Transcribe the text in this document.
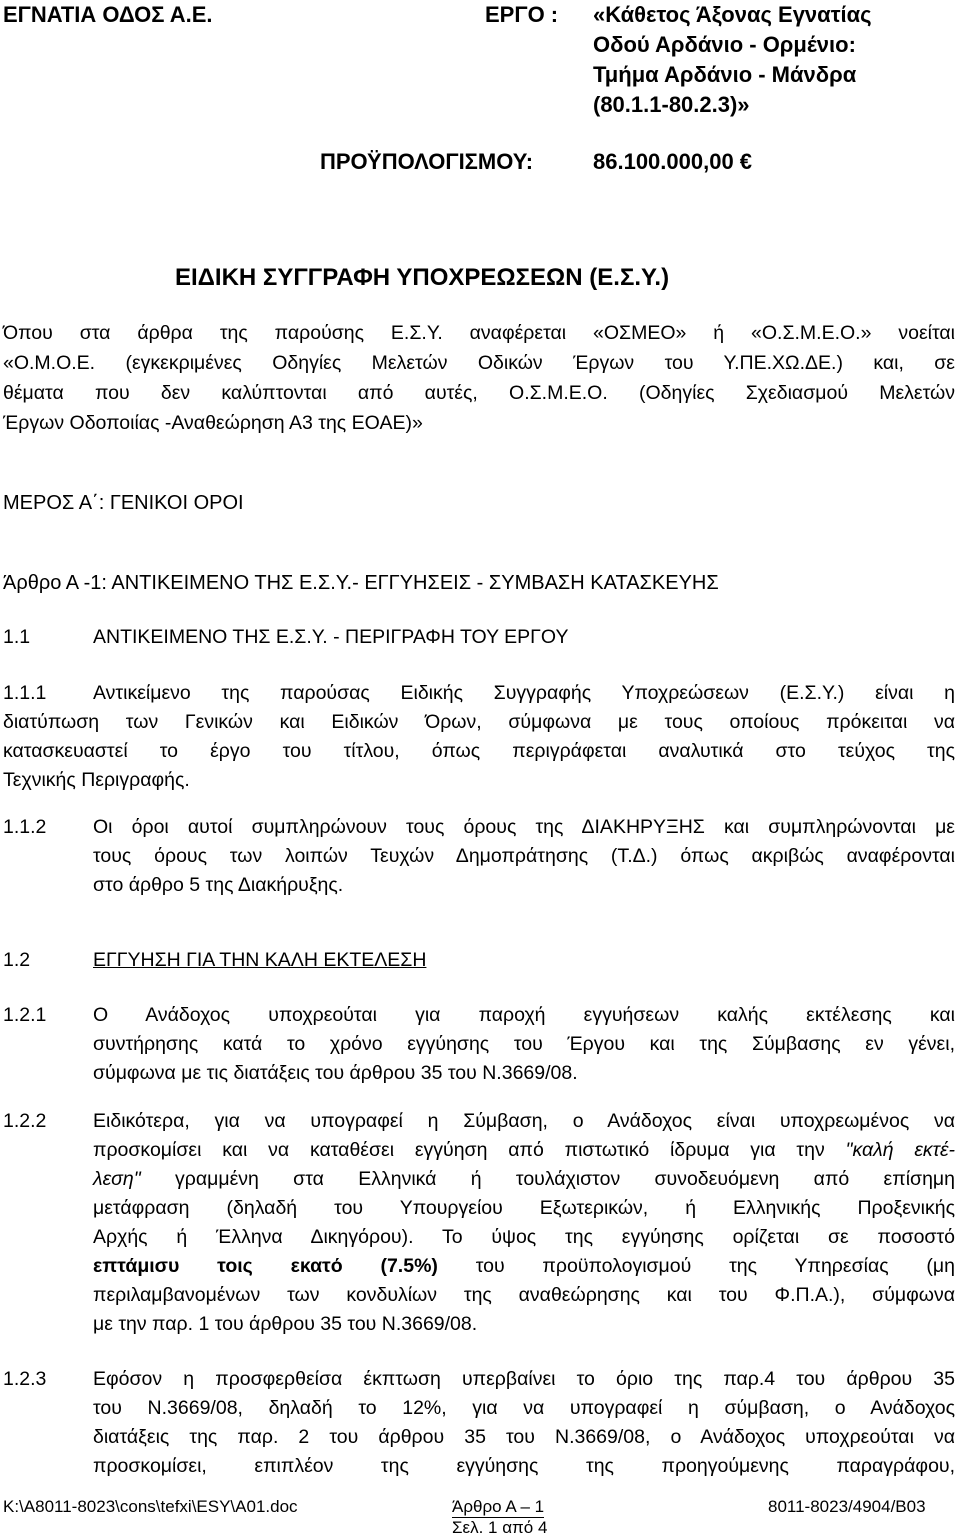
ΕΓΝΑΤΙΑ ΟΔΟΣ Α.Ε.	ΕΡΓΟ : «Κάθετος Άξονας Εγνατίας
Οδού Αρδάνιο - Ορμένιο:
Τμήμα Αρδάνιο - Μάνδρα
(80.1.1-80.2.3)»
ΠΡΟΫΠΟΛΟΓΙΣΜΟΥ:	86.100.000,00 €
ΕΙΔΙΚΗ ΣΥΓΓΡΑΦΗ ΥΠΟΧΡΕΩΣΕΩΝ (Ε.Σ.Υ.)
Όπου στα άρθρα της παρούσης Ε.Σ.Υ. αναφέρεται «ΟΣΜΕΟ» ή «Ο.Σ.Μ.Ε.Ο.» νοείται
«Ο.Μ.Ο.Ε. (εγκεκριμένες Οδηγίες Μελετών Οδικών Έργων του Υ.ΠΕ.ΧΩ.ΔΕ.) και, σε
θέματα που δεν καλύπτονται από αυτές, Ο.Σ.Μ.Ε.Ο. (Οδηγίες Σχεδιασμού Μελετών
Έργων Οδοποιίας -Αναθεώρηση Α3 της ΕΟΑΕ)»
ΜΕΡΟΣ Α΄: ΓΕΝΙΚΟΙ ΟΡΟΙ
Άρθρο Α -1: ΑΝΤΙΚΕΙΜΕΝΟ ΤΗΣ Ε.Σ.Υ.- ΕΓΓΥΗΣΕΙΣ - ΣΥΜΒΑΣΗ ΚΑΤΑΣΚΕΥΗΣ
1.1	ΑΝΤΙΚΕΙΜΕΝΟ ΤΗΣ Ε.Σ.Υ. - ΠΕΡΙΓΡΑΦΗ ΤΟΥ ΕΡΓΟΥ
1.1.1 Αντικείμενο της παρούσας Ειδικής Συγγραφής Υποχρεώσεων (Ε.Σ.Υ.) είναι η
διατύπωση των Γενικών και Ειδικών Όρων, σύμφωνα με τους οποίους πρόκειται να
κατασκευαστεί το έργο του τίτλου, όπως περιγράφεται αναλυτικά στο τεύχος της
Τεχνικής Περιγραφής.
1.1.2 Οι όροι αυτοί συμπληρώνουν τους όρους της ΔΙΑΚΗΡΥΞΗΣ και συμπληρώνονται με
τους όρους των λοιπών Τευχών Δημοπράτησης (Τ.Δ.) όπως ακριβώς αναφέρονται
στο άρθρο 5 της Διακήρυξης.
1.2	ΕΓΓΥΗΣΗ ΓΙΑ ΤΗΝ ΚΑΛΗ ΕΚΤΕΛΕΣΗ
1.2.1 Ο Ανάδοχος υποχρεούται για παροχή εγγυήσεων καλής εκτέλεσης και
συντήρησης κατά το χρόνο εγγύησης του Έργου και της Σύμβασης εν γένει,
σύμφωνα με τις διατάξεις του άρθρου 35 του Ν.3669/08.
1.2.2 Ειδικότερα, για να υπογραφεί η Σύμβαση, ο Ανάδοχος είναι υποχρεωμένος να
προσκομίσει και να καταθέσει εγγύηση από πιστωτικό ίδρυμα για την "καλή εκτέ-
λεση" γραμμένη στα Ελληνικά ή τουλάχιστον συνοδευόμενη από επίσημη
μετάφραση (δηλαδή του Υπουργείου Εξωτερικών, ή Ελληνικής Προξενικής
Αρχής ή Έλληνα Δικηγόρου). Το ύψος της εγγύησης ορίζεται σε ποσοστό
επτάμισυ τοις εκατό (7.5%) του προϋπολογισμού της Υπηρεσίας (μη
περιλαμβανομένων των κονδυλίων της αναθεώρησης και του Φ.Π.Α.), σύμφωνα
με την παρ. 1 του άρθρου 35 του Ν.3669/08.
1.2.3 Εφόσον η προσφερθείσα έκπτωση υπερβαίνει το όριο της παρ.4 του άρθρου 35
του Ν.3669/08, δηλαδή το 12%, για να υπογραφεί η σύμβαση, ο Ανάδοχος
διατάξεις της παρ. 2 του άρθρου 35 του Ν.3669/08, ο Ανάδοχος υποχρεούται να
προσκομίσει, επιπλέον της εγγύησης της προηγούμενης παραγράφου,
K:\A8011-8023\cons\tefxi\ESY\A01.doc	Άρθρο Α – 1
Σελ. 1 από 4
8011-8023/4904/B03
